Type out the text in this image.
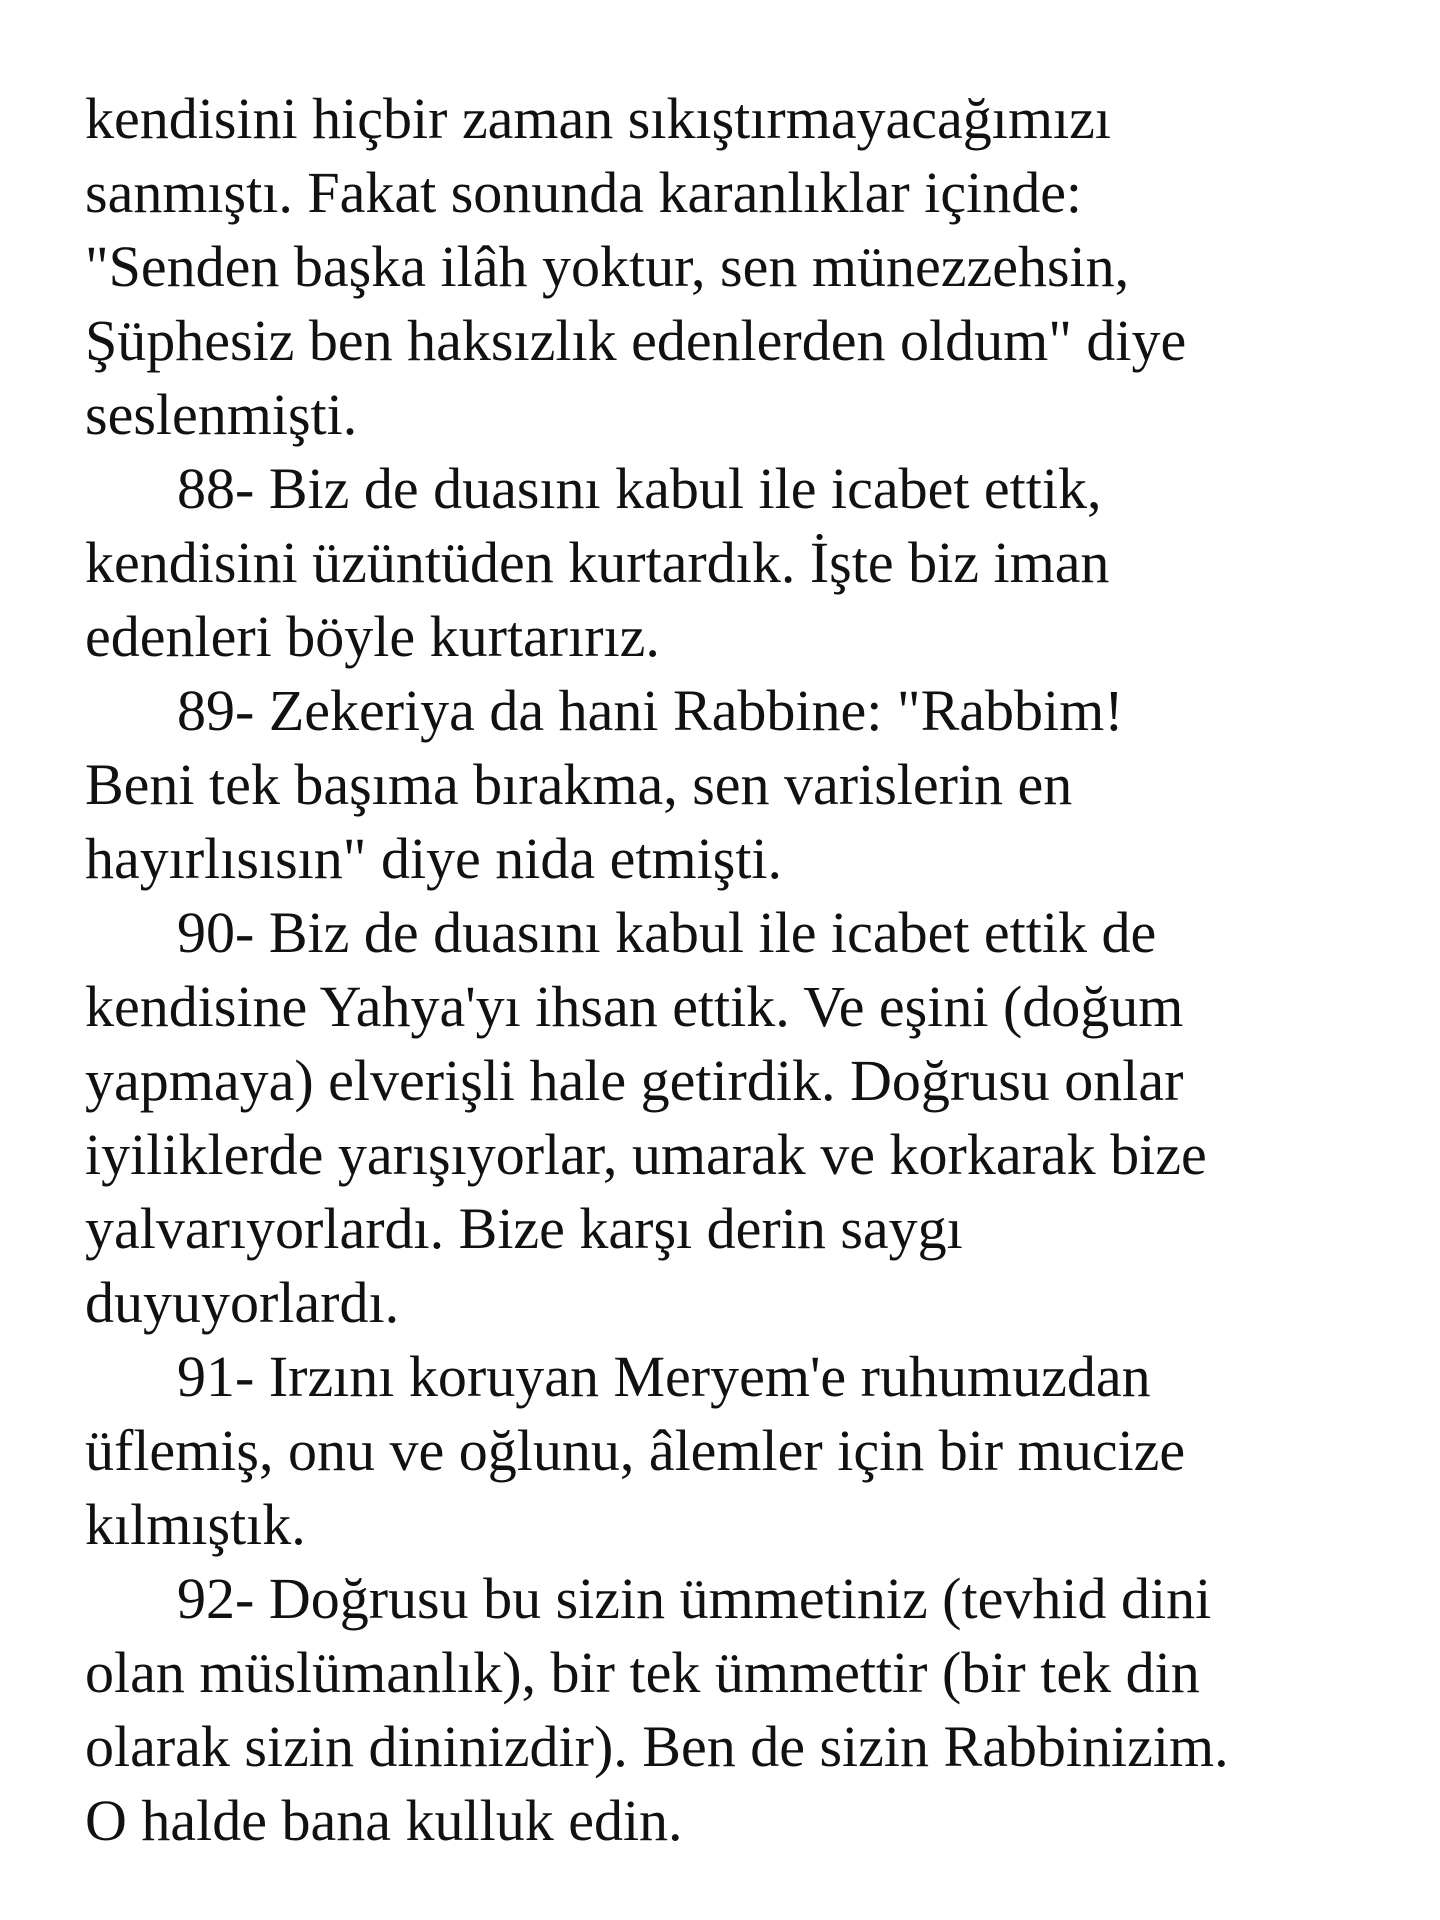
kendisini hiçbir zaman sıkıştırmayacağımızı
sanmıştı. Fakat sonunda karanlıklar içinde:
"Senden başka ilâh yoktur, sen münezzehsin,
Şüphesiz ben haksızlık edenlerden oldum" diye
seslenmişti.
88- Biz de duasını kabul ile icabet ettik,
kendisini üzüntüden kurtardık. İşte biz iman
edenleri böyle kurtarırız.
89- Zekeriya da hani Rabbine: "Rabbim!
Beni tek başıma bırakma, sen varislerin en
hayırlısısın" diye nida etmişti.
90- Biz de duasını kabul ile icabet ettik de
kendisine Yahya'yı ihsan ettik. Ve eşini (doğum
yapmaya) elverişli hale getirdik. Doğrusu onlar
iyiliklerde yarışıyorlar, umarak ve korkarak bize
yalvarıyorlardı. Bize karşı derin saygı
duyuyorlardı.
91- Irzını koruyan Meryem'e ruhumuzdan
üflemiş, onu ve oğlunu, âlemler için bir mucize
kılmıştık.
92- Doğrusu bu sizin ümmetiniz (tevhid dini
olan müslümanlık), bir tek ümmettir (bir tek din
olarak sizin dininizdir). Ben de sizin Rabbinizim.
O halde bana kulluk edin.
